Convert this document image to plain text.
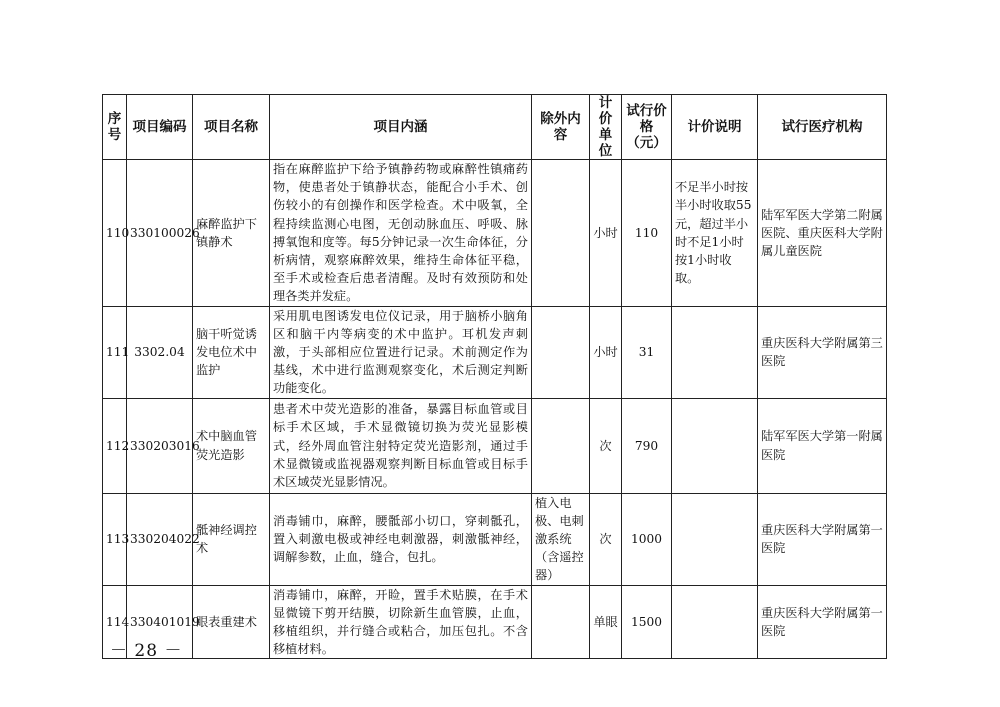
序号	项目编码	项目名称	项目内涵	除外内容	计价单位	试行价格（元）	计价说明	试行医疗机构
110	330100026	麻醉监护下镇静术	指在麻醉监护下给予镇静药物或麻醉性镇痛药物，使患者处于镇静状态，能配合小手术、创伤较小的有创操作和医学检查。术中吸氧，全程持续监测心电图，无创动脉血压、呼吸、脉搏氧饱和度等。每5分钟记录一次生命体征，分析病情，观察麻醉效果，维持生命体征平稳，至手术或检查后患者清醒。及时有效预防和处理各类并发症。		小时	110	不足半小时按半小时收取55元，超过半小时不足1小时按1小时收取。	陆军军医大学第二附属医院、重庆医科大学附属儿童医院
111	3302.04	脑干听觉诱发电位术中监护	采用肌电图诱发电位仪记录，用于脑桥小脑角区和脑干内等病变的术中监护。耳机发声刺激，于头部相应位置进行记录。术前测定作为基线，术中进行监测观察变化，术后测定判断功能变化。		小时	31		重庆医科大学附属第三医院
112	330203016	术中脑血管荧光造影	患者术中荧光造影的准备，暴露目标血管或目标手术区域，手术显微镜切换为荧光显影模式，经外周血管注射特定荧光造影剂，通过手术显微镜或监视器观察判断目标血管或目标手术区域荧光显影情况。		次	790		陆军军医大学第一附属医院
113	330204022	骶神经调控术	消毒铺巾，麻醉，腰骶部小切口，穿刺骶孔，置入刺激电极或神经电刺激器，刺激骶神经，调解参数，止血，缝合，包扎。	植入电极、电刺激系统（含遥控器）	次	1000		重庆医科大学附属第一医院
114	330401019	眼表重建术	消毒铺巾，麻醉，开睑，置手术贴膜，在手术显微镜下剪开结膜，切除新生血管膜，止血，移植组织，并行缝合或粘合，加压包扎。不含移植材料。		单眼	1500		重庆医科大学附属第一医院
－ 28 －
